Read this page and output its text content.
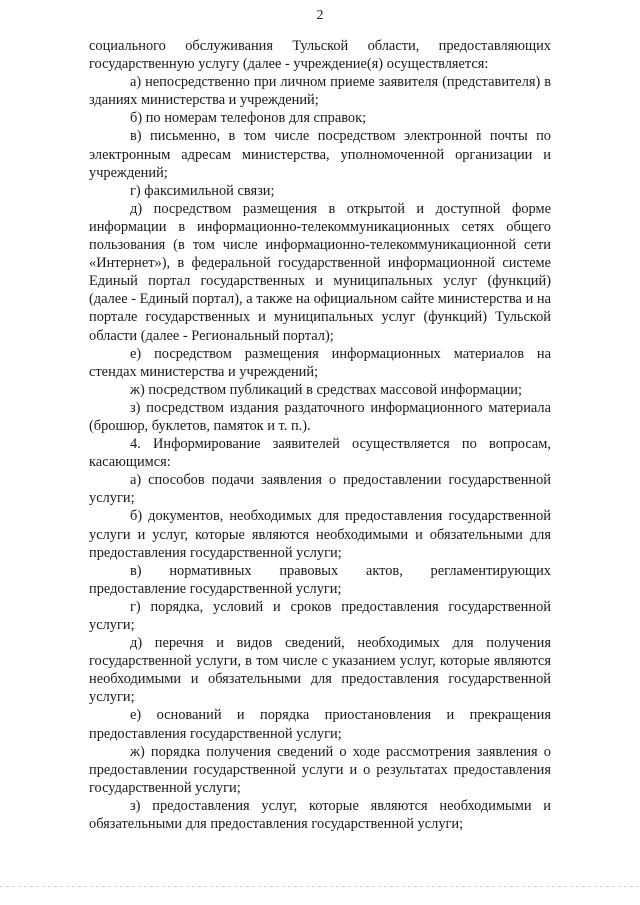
2

социального обслуживания Тульской области, предоставляющих государственную услугу (далее - учреждение(я) осуществляется:

а) непосредственно при личном приеме заявителя (представителя) в зданиях министерства и учреждений;

б) по номерам телефонов для справок;

в) письменно, в том числе посредством электронной почты по электронным адресам министерства, уполномоченной организации и учреждений;

г) факсимильной связи;

д) посредством размещения в открытой и доступной форме информации в информационно-телекоммуникационных сетях общего пользования (в том числе информационно-телекоммуникационной сети «Интернет»), в федеральной государственной информационной системе Единый портал государственных и муниципальных услуг (функций) (далее - Единый портал), а также на официальном сайте министерства и на портале государственных и муниципальных услуг (функций) Тульской области (далее - Региональный портал);

е) посредством размещения информационных материалов на стендах министерства и учреждений;

ж) посредством публикаций в средствах массовой информации;

з) посредством издания раздаточного информационного материала (брошюр, буклетов, памяток и т. п.).

4. Информирование заявителей осуществляется по вопросам, касающимся:

а) способов подачи заявления о предоставлении государственной услуги;

б) документов, необходимых для предоставления государственной услуги и услуг, которые являются необходимыми и обязательными для предоставления государственной услуги;

в) нормативных правовых актов, регламентирующих предоставление государственной услуги;

г) порядка, условий и сроков предоставления государственной услуги;

д) перечня и видов сведений, необходимых для получения государственной услуги, в том числе с указанием услуг, которые являются необходимыми и обязательными для предоставления государственной услуги;

е) оснований и порядка приостановления и прекращения предоставления государственной услуги;

ж) порядка получения сведений о ходе рассмотрения заявления о предоставлении государственной услуги и о результатах предоставления государственной услуги;

з) предоставления услуг, которые являются необходимыми и обязательными для предоставления государственной услуги;
